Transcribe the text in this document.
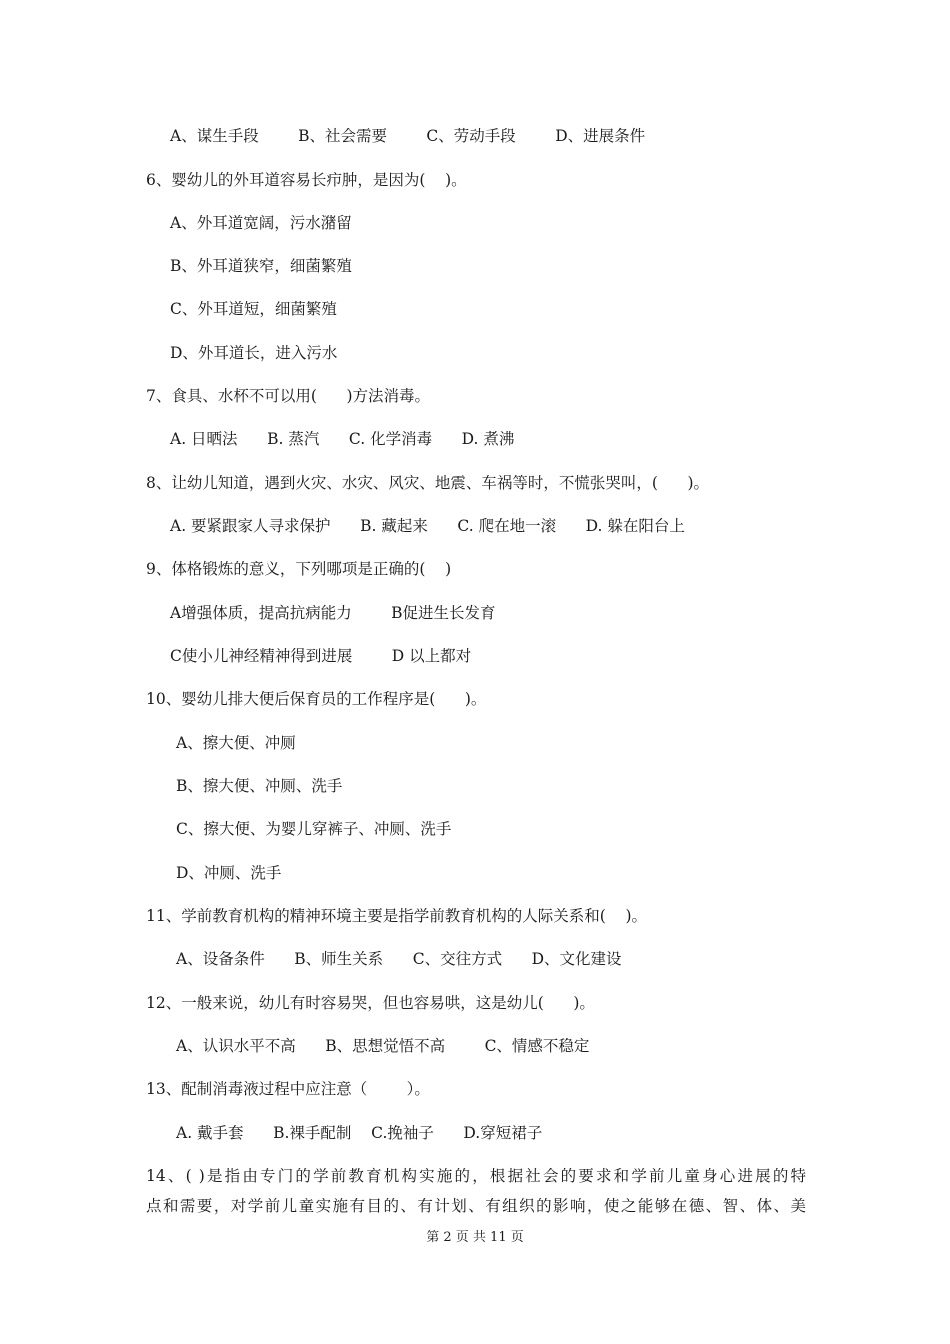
A、谋生手段        B、社会需要        C、劳动手段        D、进展条件
6、婴幼儿的外耳道容易长疖肿，是因为(    )。
A、外耳道宽阔，污水潴留
B、外耳道狭窄，细菌繁殖
C、外耳道短，细菌繁殖
D、外耳道长，进入污水
7、食具、水杯不可以用(      )方法消毒。
A. 日晒法      B. 蒸汽      C. 化学消毒      D. 煮沸
8、让幼儿知道，遇到火灾、水灾、风灾、地震、车祸等时，不慌张哭叫，(      )。
A. 要紧跟家人寻求保护      B. 藏起来      C. 爬在地一滚      D. 躲在阳台上
9、体格锻炼的意义，下列哪项是正确的(    )
A增强体质，提高抗病能力        B促进生长发育
C使小儿神经精神得到进展        D 以上都对
10、婴幼儿排大便后保育员的工作程序是(      )。
A、擦大便、冲厕
B、擦大便、冲厕、洗手
C、擦大便、为婴儿穿裤子、冲厕、洗手
D、冲厕、洗手
11、学前教育机构的精神环境主要是指学前教育机构的人际关系和(    )。
A、设备条件      B、师生关系      C、交往方式      D、文化建设
12、一般来说，幼儿有时容易哭，但也容易哄，这是幼儿(      )。
A、认识水平不高      B、思想觉悟不高        C、情感不稳定
13、配制消毒液过程中应注意（        ）。
A. 戴手套      B.裸手配制    C.挽袖子      D.穿短裙子
14、( )是指由专门的学前教育机构实施的，根据社会的要求和学前儿童身心进展的特
点和需要，对学前儿童实施有目的、有计划、有组织的影响，使之能够在德、智、体、美
第 2 页 共 11 页
